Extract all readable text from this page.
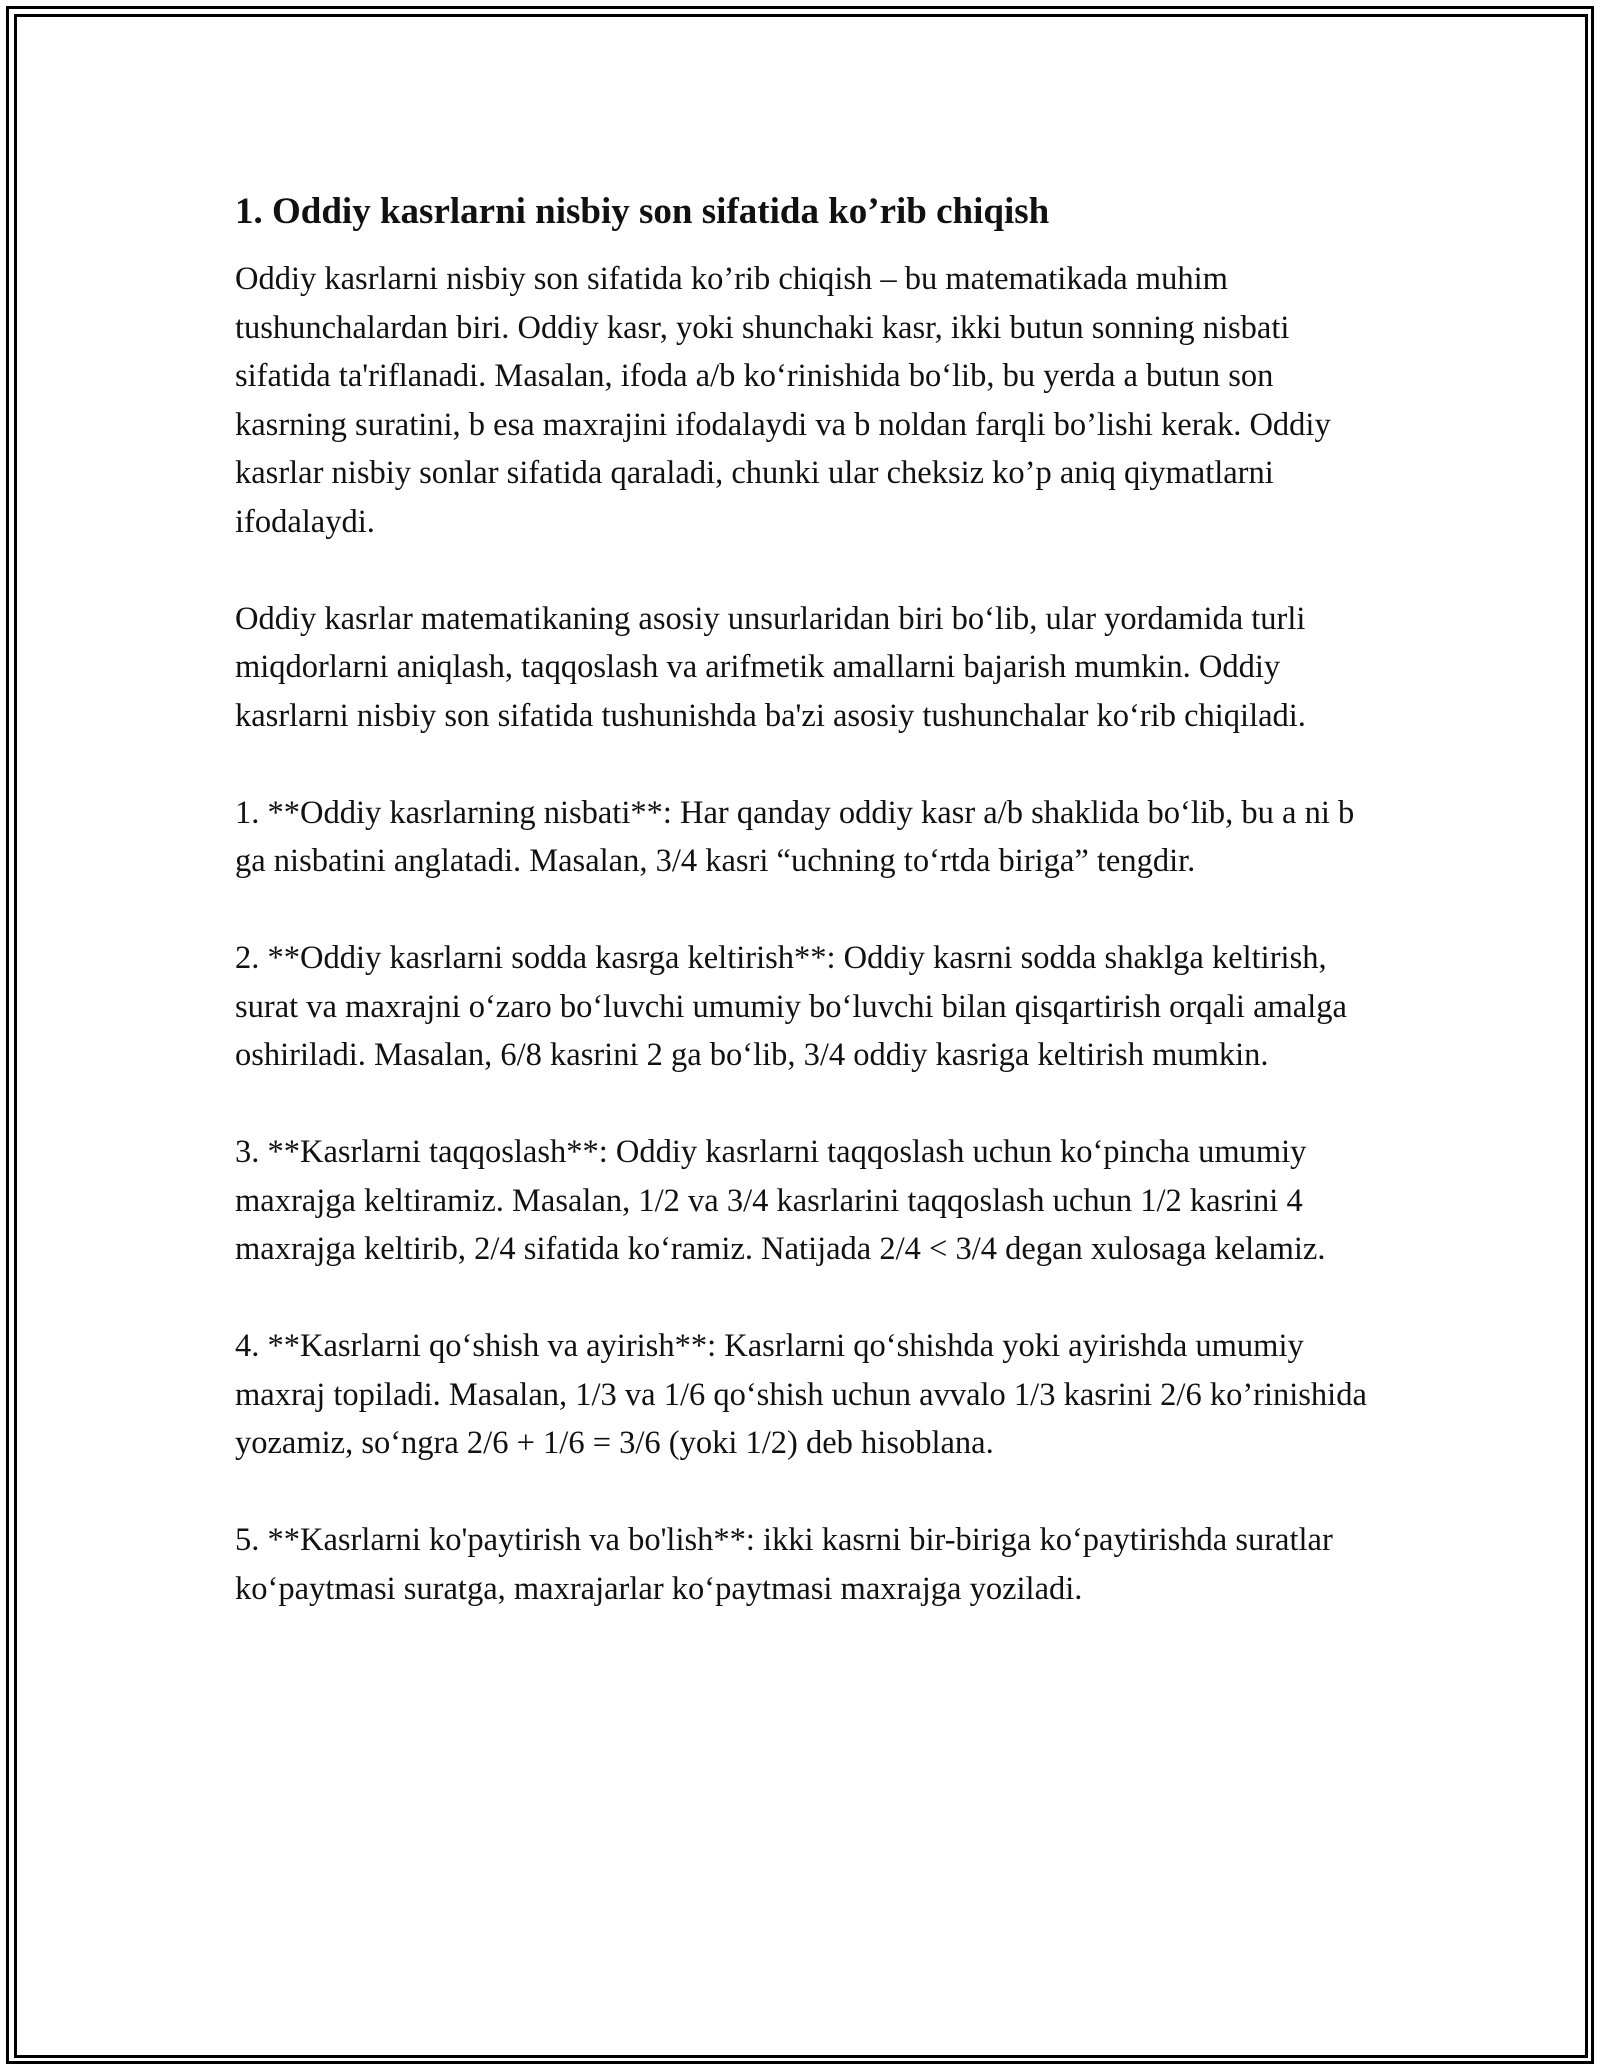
1. Oddiy kasrlarni nisbiy son sifatida ko’rib chiqish

Oddiy kasrlarni nisbiy son sifatida ko’rib chiqish – bu matematikada muhim tushunchalardan biri. Oddiy kasr, yoki shunchaki kasr, ikki butun sonning nisbati sifatida ta'riflanadi. Masalan, ifoda a/b ko‘rinishida bo‘lib, bu yerda a butun son kasrning suratini, b esa maxrajini ifodalaydi va b noldan farqli bo’lishi kerak. Oddiy kasrlar nisbiy sonlar sifatida qaraladi, chunki ular cheksiz ko’p aniq qiymatlarni ifodalaydi.

Oddiy kasrlar matematikaning asosiy unsurlaridan biri bo‘lib, ular yordamida turli miqdorlarni aniqlash, taqqoslash va arifmetik amallarni bajarish mumkin. Oddiy kasrlarni nisbiy son sifatida tushunishda ba'zi asosiy tushunchalar ko‘rib chiqiladi.

1. **Oddiy kasrlarning nisbati**: Har qanday oddiy kasr a/b shaklida bo‘lib, bu a ni b ga nisbatini anglatadi. Masalan, 3/4 kasri “uchning to‘rtda biriga” tengdir.

2. **Oddiy kasrlarni sodda kasrga keltirish**: Oddiy kasrni sodda shaklga keltirish, surat va maxrajni o‘zaro bo‘luvchi umumiy bo‘luvchi bilan qisqartirish orqali amalga oshiriladi. Masalan, 6/8 kasrini 2 ga bo‘lib, 3/4 oddiy kasriga keltirish mumkin.

3. **Kasrlarni taqqoslash**: Oddiy kasrlarni taqqoslash uchun ko‘pincha umumiy maxrajga keltiramiz. Masalan, 1/2 va 3/4 kasrlarini taqqoslash uchun 1/2 kasrini 4 maxrajga keltirib, 2/4 sifatida ko‘ramiz. Natijada 2/4 < 3/4 degan xulosaga kelamiz.

4. **Kasrlarni qo‘shish va ayirish**: Kasrlarni qo‘shishda yoki ayirishda umumiy maxraj topiladi. Masalan, 1/3 va 1/6 qo‘shish uchun avvalo 1/3 kasrini 2/6 ko’rinishida yozamiz, so‘ngra 2/6 + 1/6 = 3/6 (yoki 1/2) deb hisoblana.

5. **Kasrlarni ko'paytirish va bo'lish**: ikki kasrni bir-biriga ko‘paytirishda suratlar ko‘paytmasi suratga, maxrajarlar ko‘paytmasi maxrajga yoziladi.
